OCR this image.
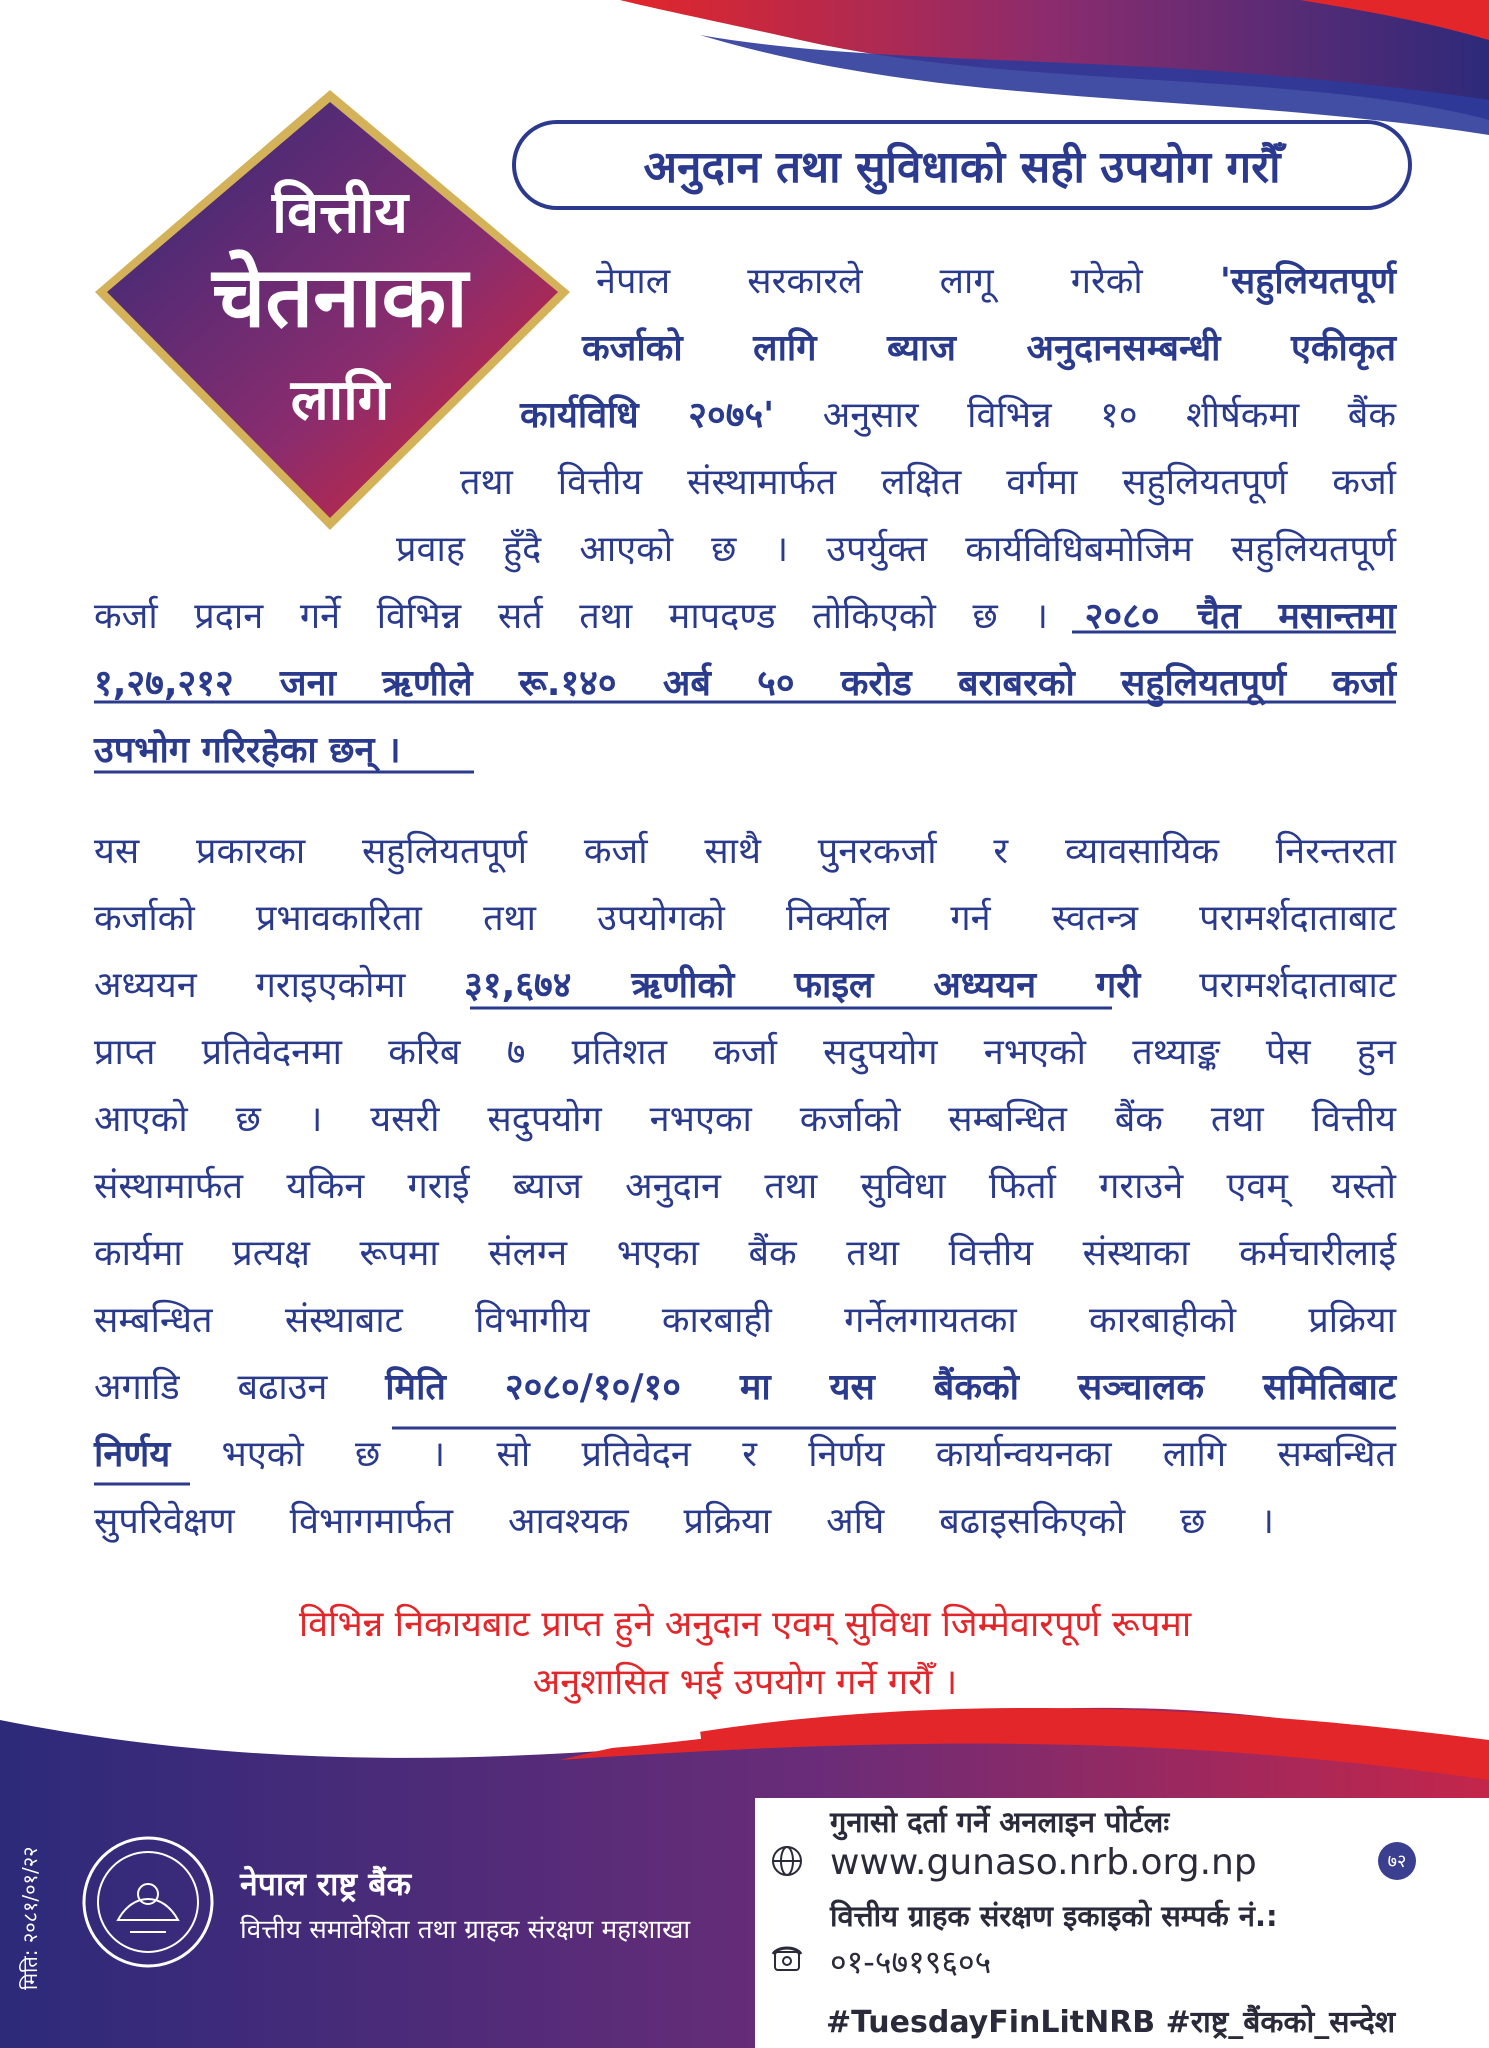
अनुदान तथा सुविधाको सही उपयोग गरौँ
वित्तीय
चेतनाका
लागि
नेपाल सरकारले लागू गरेको 'सहुलियतपूर्ण
कर्जाको लागि ब्याज अनुदानसम्बन्धी एकीकृत
कार्यविधि २०७५' अनुसार विभिन्न १० शीर्षकमा बैंक
तथा वित्तीय संस्थामार्फत लक्षित वर्गमा सहुलियतपूर्ण कर्जा
प्रवाह हुँदै आएको छ । उपर्युक्त कार्यविधिबमोजिम सहुलियतपूर्ण
कर्जा प्रदान गर्ने विभिन्न सर्त तथा मापदण्ड तोकिएको छ । २०८० चैत मसान्तमा
१,२७,२१२ जना ऋणीले रू.१४० अर्ब ५० करोड बराबरको सहुलियतपूर्ण कर्जा
उपभोग गरिरहेका छन् ।
यस प्रकारका सहुलियतपूर्ण कर्जा साथै पुनरकर्जा र व्यावसायिक निरन्तरता
कर्जाको प्रभावकारिता तथा उपयोगको निर्क्योल गर्न स्वतन्त्र परामर्शदाताबाट
अध्ययन गराइएकोमा ३१,६७४ ऋणीको फाइल अध्ययन गरी परामर्शदाताबाट
प्राप्त प्रतिवेदनमा करिब ७ प्रतिशत कर्जा सदुपयोग नभएको तथ्याङ्क पेस हुन
आएको छ । यसरी सदुपयोग नभएका कर्जाको सम्बन्धित बैंक तथा वित्तीय
संस्थामार्फत यकिन गराई ब्याज अनुदान तथा सुविधा फिर्ता गराउने एवम् यस्तो
कार्यमा प्रत्यक्ष रूपमा संलग्न भएका बैंक तथा वित्तीय संस्थाका कर्मचारीलाई
सम्बन्धित संस्थाबाट विभागीय कारबाही गर्नेलगायतका कारबाहीको प्रक्रिया
अगाडि बढाउन मिति २०८०/१०/१० मा यस बैंकको सञ्चालक समितिबाट
निर्णय भएको छ । सो प्रतिवेदन र निर्णय कार्यान्वयनका लागि सम्बन्धित
सुपरिवेक्षण विभागमार्फत आवश्यक प्रक्रिया अघि बढाइसकिएको छ ।
विभिन्न निकायबाट प्राप्त हुने अनुदान एवम् सुविधा जिम्मेवारपूर्ण रूपमा
अनुशासित भई उपयोग गर्ने गरौँ ।
नेपाल राष्ट्र बैंक
वित्तीय समावेशिता तथा ग्राहक संरक्षण महाशाखा
मिति: २०८१/०१/२२
गुनासो दर्ता गर्ने अनलाइन पोर्टलः
www.gunaso.nrb.org.np	७२
वित्तीय ग्राहक संरक्षण इकाइको सम्पर्क नं.:
०१-५७१९६०५
#TuesdayFinLitNRB #राष्ट्र_बैंकको_सन्देश
